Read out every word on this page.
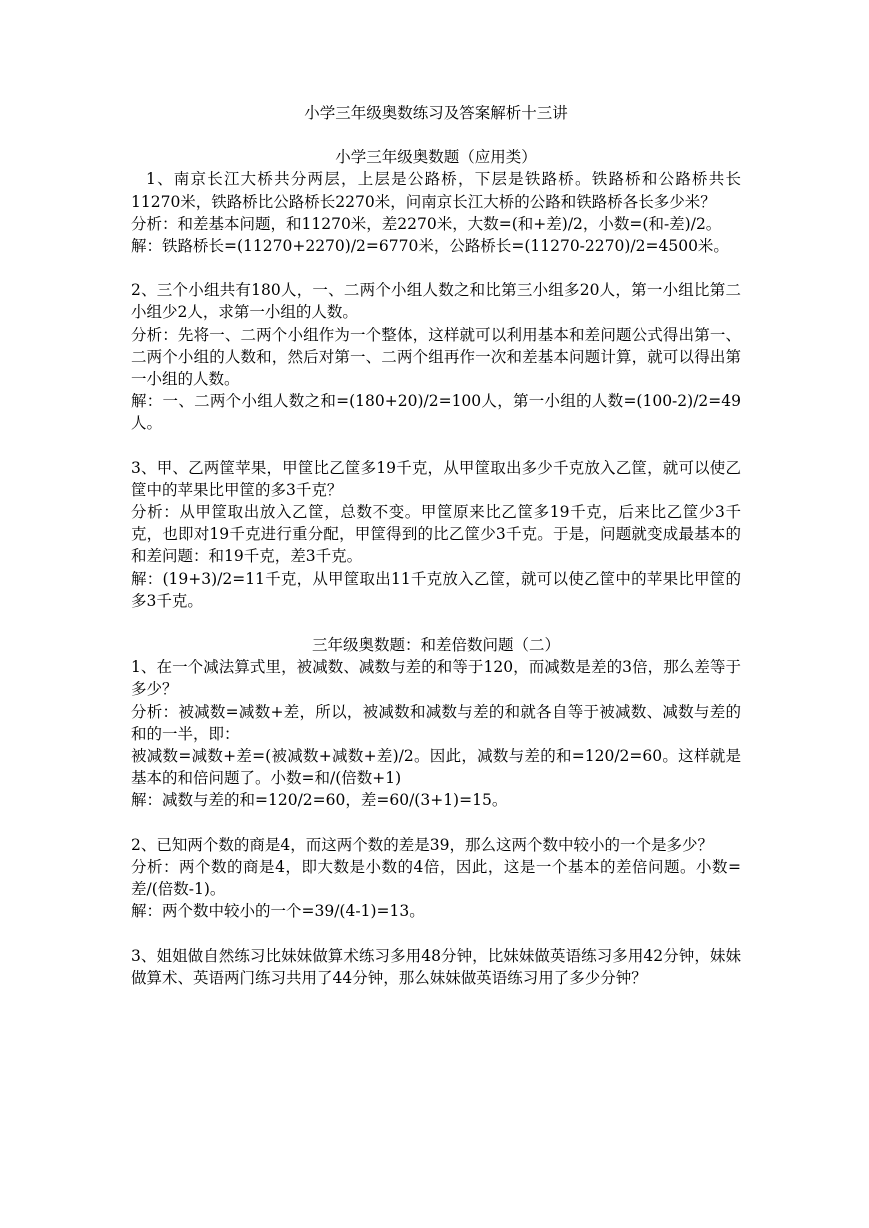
小学三年级奥数练习及答案解析十三讲
小学三年级奥数题（应用类）

1、南京长江大桥共分两层，上层是公路桥，下层是铁路桥。铁路桥和公路桥共长11270米，铁路桥比公路桥长2270米，问南京长江大桥的公路和铁路桥各长多少米？

分析：和差基本问题，和11270米，差2270米，大数=(和+差)/2，小数=(和-差)/2。

解：铁路桥长=(11270+2270)/2=6770米，公路桥长=(11270-2270)/2=4500米。

2、三个小组共有180人，一、二两个小组人数之和比第三小组多20人，第一小组比第二小组少2人，求第一小组的人数。

分析：先将一、二两个小组作为一个整体，这样就可以利用基本和差问题公式得出第一、二两个小组的人数和，然后对第一、二两个组再作一次和差基本问题计算，就可以得出第一小组的人数。

解：一、二两个小组人数之和=(180+20)/2=100人，第一小组的人数=(100-2)/2=49人。

3、甲、乙两筐苹果，甲筐比乙筐多19千克，从甲筐取出多少千克放入乙筐，就可以使乙筐中的苹果比甲筐的多3千克？

分析：从甲筐取出放入乙筐，总数不变。甲筐原来比乙筐多19千克，后来比乙筐少3千克，也即对19千克进行重分配，甲筐得到的比乙筐少3千克。于是，问题就变成最基本的和差问题：和19千克，差3千克。

解：(19+3)/2=11千克，从甲筐取出11千克放入乙筐，就可以使乙筐中的苹果比甲筐的多3千克。

三年级奥数题：和差倍数问题（二）

1、在一个减法算式里，被减数、减数与差的和等于120，而减数是差的3倍，那么差等于多少？

分析：被减数=减数+差，所以，被减数和减数与差的和就各自等于被减数、减数与差的和的一半，即：

被减数=减数+差=(被减数+减数+差)/2。因此，减数与差的和=120/2=60。这样就是基本的和倍问题了。小数=和/(倍数+1)

解：减数与差的和=120/2=60，差=60/(3+1)=15。

2、已知两个数的商是4，而这两个数的差是39，那么这两个数中较小的一个是多少？

分析：两个数的商是4，即大数是小数的4倍，因此，这是一个基本的差倍问题。小数=差/(倍数-1)。

解：两个数中较小的一个=39/(4-1)=13。

3、姐姐做自然练习比妹妹做算术练习多用48分钟，比妹妹做英语练习多用42分钟，妹妹做算术、英语两门练习共用了44分钟，那么妹妹做英语练习用了多少分钟？
